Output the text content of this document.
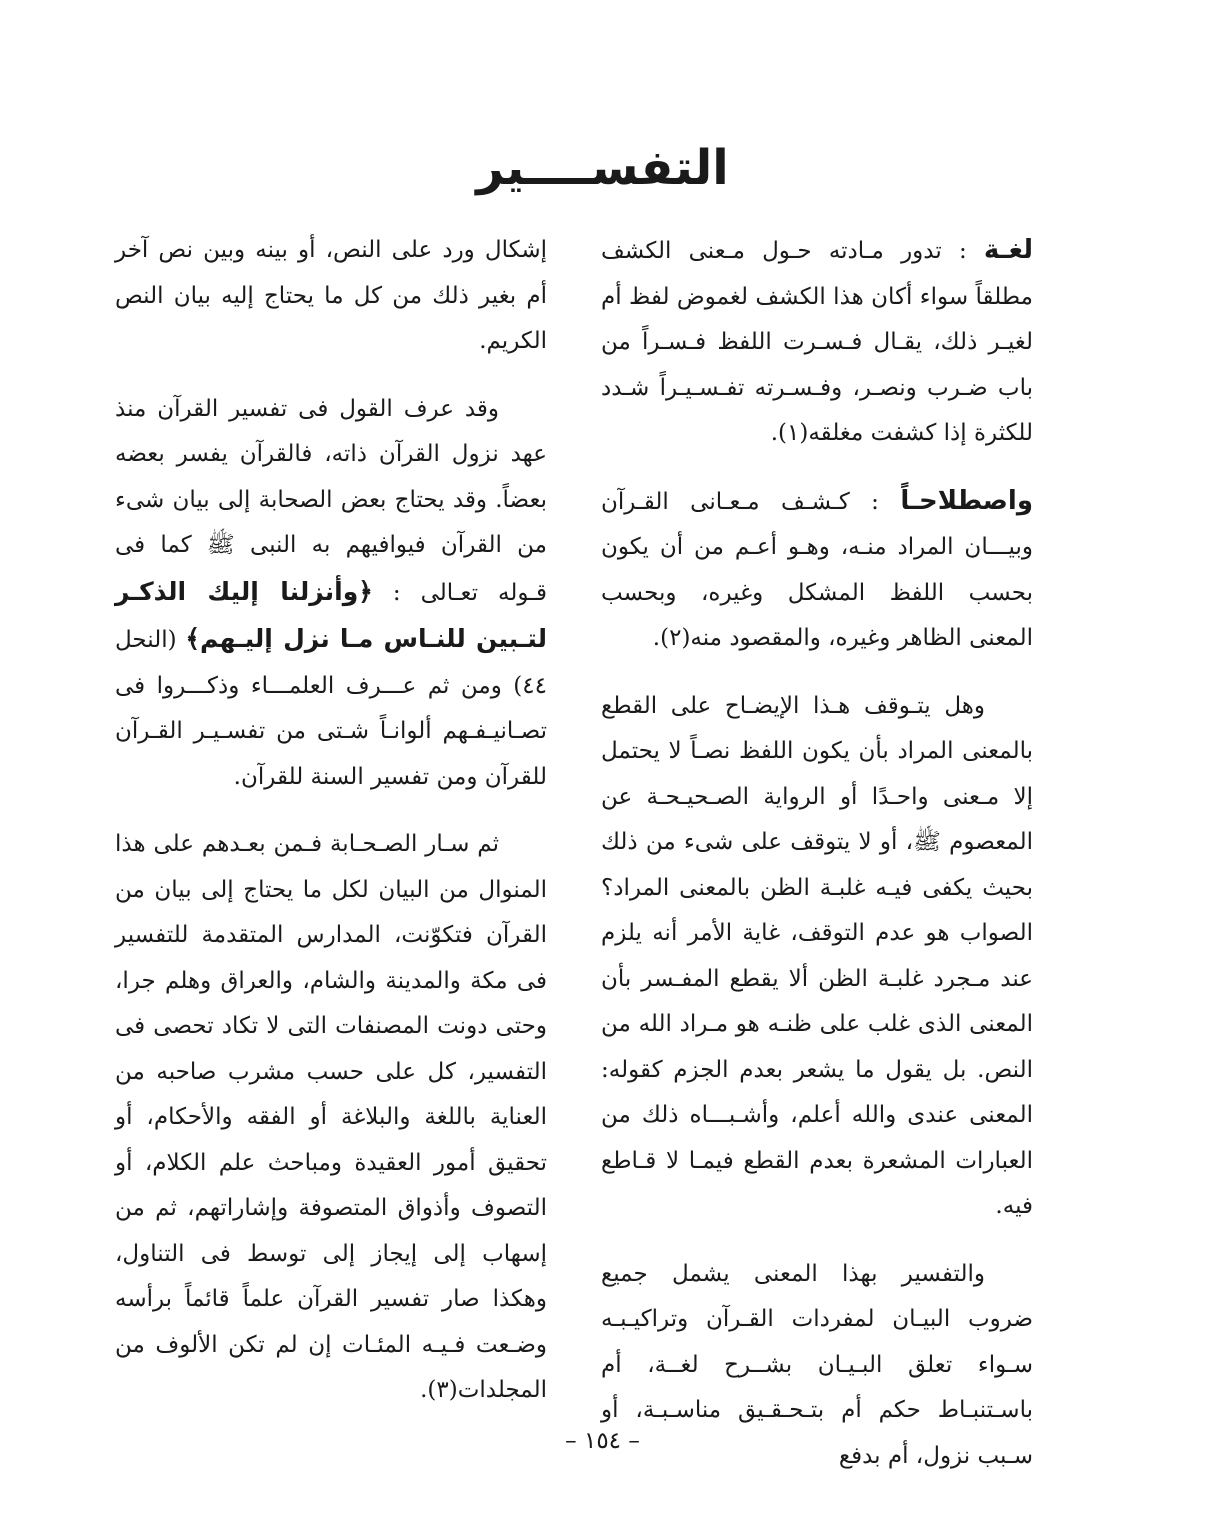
التفســــير

لغـة : تدور مـادته حـول مـعنى الكشف مطلقاً سواء أكان هذا الكشف لغموض لفظ أم لغيـر ذلك، يقـال فـسـرت اللفظ فـسـراً من باب ضـرب ونصـر، وفـسـرته تفـسـيـراً شـدد للكثرة إذا كشفت مغلقه(١).

واصطلاحـاً : كـشـف مـعـانى القـرآن وبيـــان المراد منـه، وهـو أعـم من أن يكون بحسب اللفظ المشكل وغيره، وبحسب المعنى الظاهر وغيره، والمقصود منه(٢).

وهل يتـوقف هـذا الإيضـاح على القطع بالمعنى المراد بأن يكون اللفظ نصـاً لا يحتمل إلا مـعنى واحـدًا أو الرواية الصـحيـحـة عن المعصوم ﷺ، أو لا يتوقف على شىء من ذلك بحيث يكفى فيـه غلبـة الظن بالمعنى المراد؟ الصواب هو عدم التوقف، غاية الأمر أنه يلزم عند مـجرد غلبـة الظن ألا يقطع المفـسر بأن المعنى الذى غلب على ظنـه هو مـراد الله من النص. بل يقول ما يشعر بعدم الجزم كقوله: المعنى عندى والله أعلم، وأشـبـــاه ذلك من العبارات المشعرة بعدم القطع فيمـا لا قـاطع فيه.

والتفسير بهذا المعنى يشمل جميع ضروب البيـان لمفردات القـرآن وتراكيـبـه سـواء تعلق البـيـان بشــرح لغــة، أم باسـتنبـاط حكم أم بتـحـقـيق مناسـبـة، أو سـبب نزول، أم بدفع

إشكال ورد على النص، أو بينه وبين نص آخر أم بغير ذلك من كل ما يحتاج إليه بيان النص الكريم.

وقد عرف القول فى تفسير القرآن منذ عهد نزول القرآن ذاته، فالقرآن يفسر بعضه بعضاً. وقد يحتاج بعض الصحابة إلى بيان شىء من القرآن فيوافيهم به النبى ﷺ كما فى قـوله تعـالى : ﴿وأنزلنا إليك الذكـر لتـبين للنـاس مـا نزل إليـهم﴾ (النحل ٤٤) ومن ثم عـــرف العلمـــاء وذكـــروا فى تصـانيـفـهم ألوانـاً شـتى من تفسـيـر القـرآن للقرآن ومن تفسير السنة للقرآن.

ثم سـار الصـحـابة فـمن بعـدهم على هذا المنوال من البيان لكل ما يحتاج إلى بيان من القرآن فتكوّنت، المدارس المتقدمة للتفسير فى مكة والمدينة والشام، والعراق وهلم جرا، وحتى دونت المصنفات التى لا تكاد تحصى فى التفسير، كل على حسب مشرب صاحبه من العناية باللغة والبلاغة أو الفقه والأحكام، أو تحقيق أمور العقيدة ومباحث علم الكلام، أو التصوف وأذواق المتصوفة وإشاراتهم، ثم من إسهاب إلى إيجاز إلى توسط فى التناول، وهكذا صار تفسير القرآن علماً قائماً برأسه وضـعت فـيـه المئـات إن لم تكن الألوف من المجلدات(٣).

– ١٥٤ –
